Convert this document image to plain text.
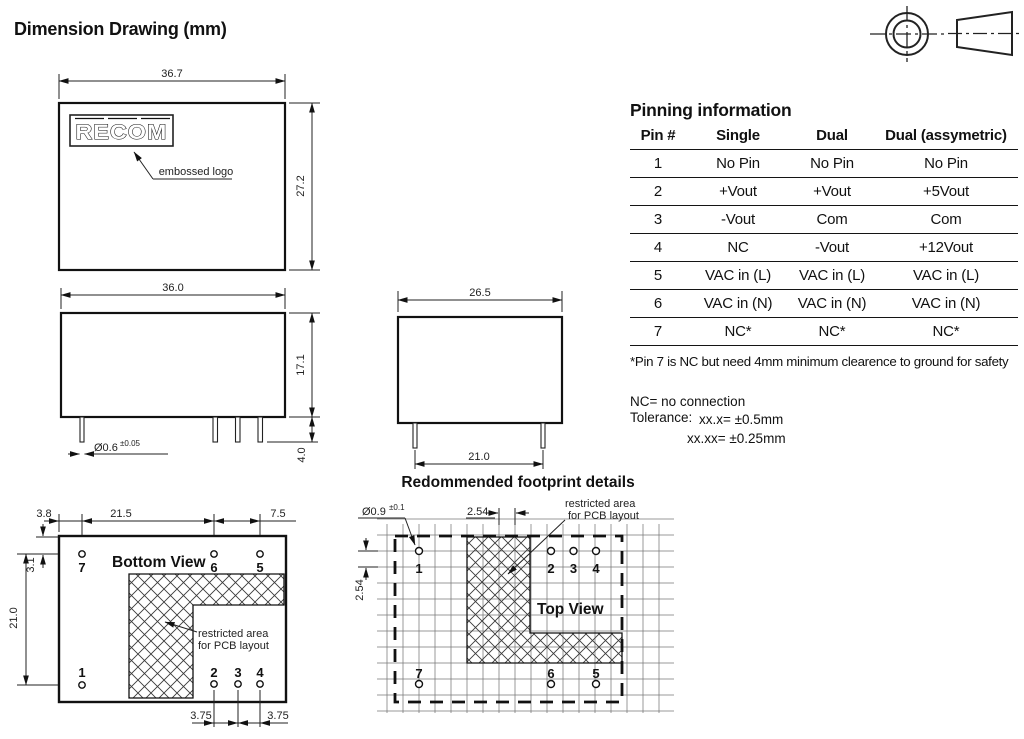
Dimension Drawing (mm)
36.7
27.2
RECOM
embossed logo
36.0
17.1
4.0
Ø0.6 ±0.05
26.5
21.0
Pinning information
Pin #	Single	Dual	Dual (assymetric)
1	No Pin	No Pin	No Pin
2	+Vout	+Vout	+5Vout
3	-Vout	Com	Com
4	NC	-Vout	+12Vout
5	VAC in (L)	VAC in (L)	VAC in (L)
6	VAC in (N)	VAC in (N)	VAC in (N)
7	NC*	NC*	NC*

*Pin 7 is NC but need 4mm minimum clearence to ground for safety

NC= no connection

Tolerance: xx.x= ±0.5mm
xx.xx= ±0.25mm
Redommended footprint details
1	2 3 4
7	6	5
Top View
Ø0.9 ±0.1	2.54
2.54
restricted area
for PCB layout
Bottom View
7	6	5
1	2 3 4
restricted area
for PCB layout
3.8	21.5	7.5
3.1
21.0
3.75	3.75
